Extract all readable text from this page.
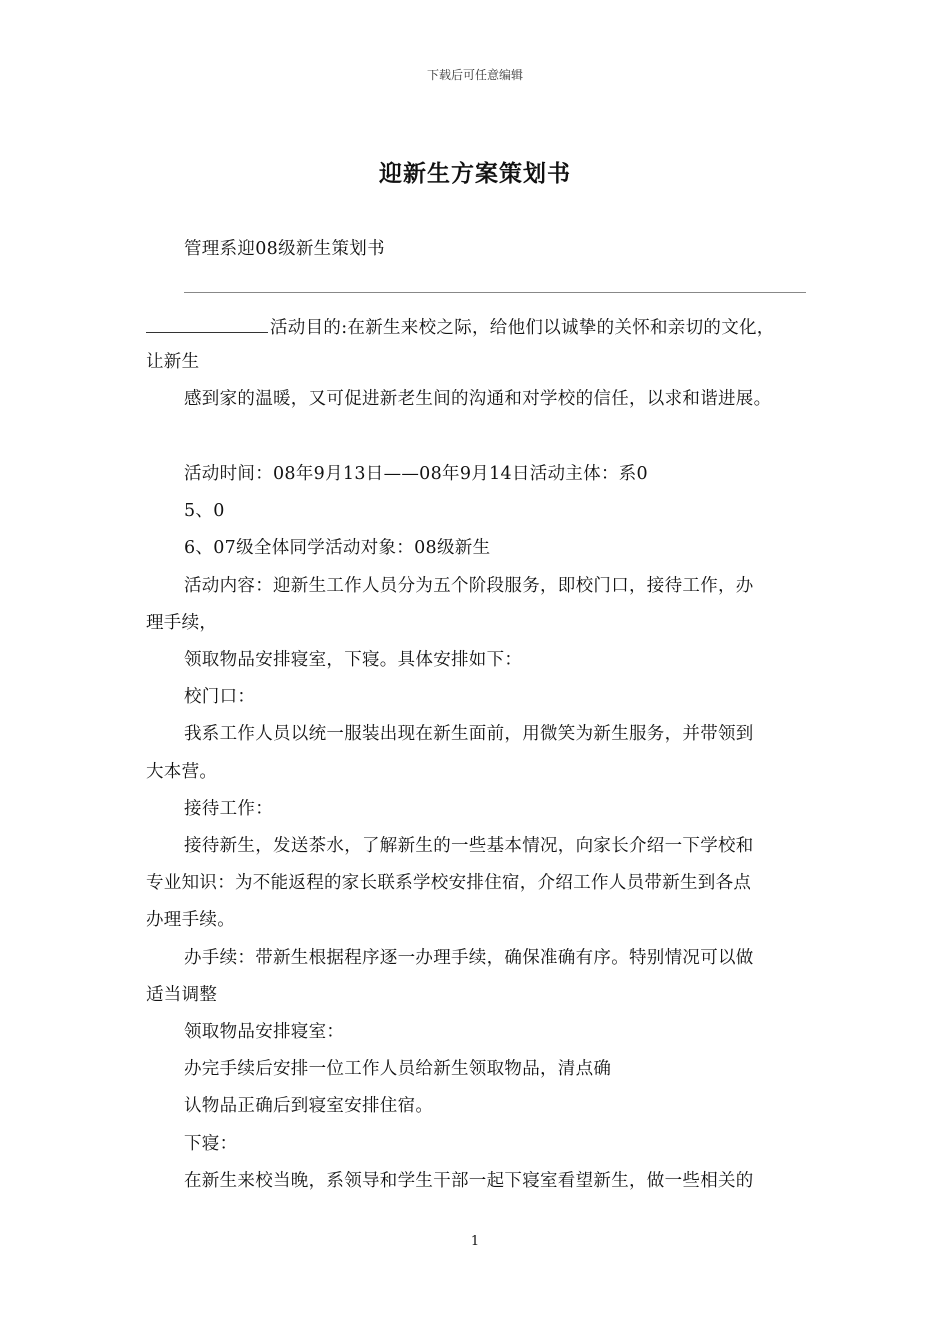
下载后可任意编辑
迎新生方案策划书
管理系迎08级新生策划书
活动目的:在新生来校之际，给他们以诚挚的关怀和亲切的文化，
让新生
感到家的温暖，又可促进新老生间的沟通和对学校的信任，以求和谐进展。
活动时间：08年9月13日——08年9月14日活动主体：系0
5、0
6、07级全体同学活动对象：08级新生
活动内容：迎新生工作人员分为五个阶段服务，即校门口，接待工作，办
理手续，
领取物品安排寝室，下寝。具体安排如下：
校门口：
我系工作人员以统一服装出现在新生面前，用微笑为新生服务，并带领到
大本营。
接待工作：
接待新生，发送茶水，了解新生的一些基本情况，向家长介绍一下学校和
专业知识：为不能返程的家长联系学校安排住宿，介绍工作人员带新生到各点
办理手续。
办手续：带新生根据程序逐一办理手续，确保准确有序。特别情况可以做
适当调整
领取物品安排寝室：
办完手续后安排一位工作人员给新生领取物品，清点确
认物品正确后到寝室安排住宿。
下寝：
在新生来校当晚，系领导和学生干部一起下寝室看望新生，做一些相关的
1
